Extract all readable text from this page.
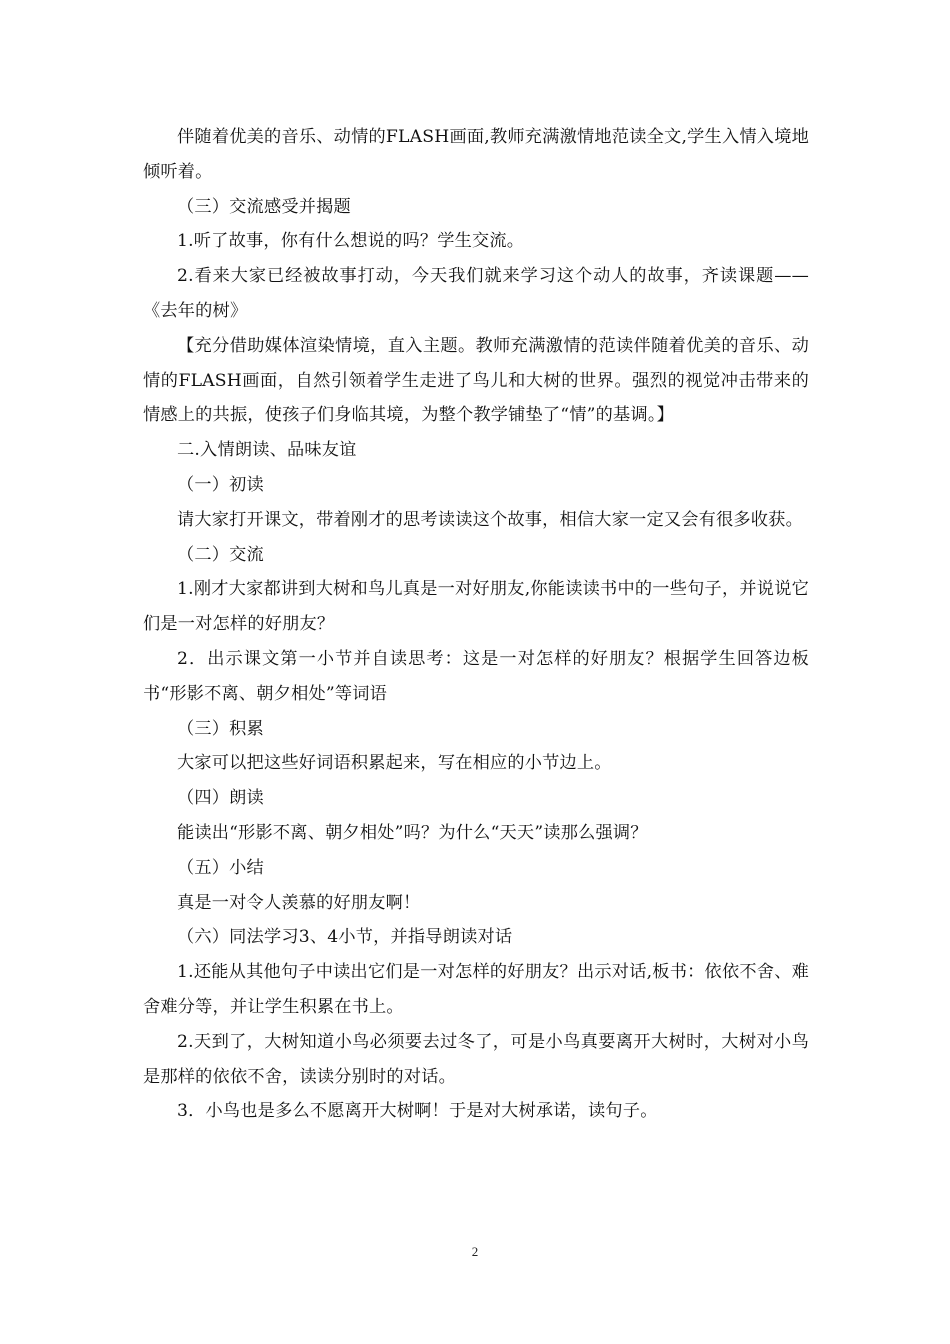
伴随着优美的音乐、动情的FLASH画面,教师充满激情地范读全文,学生入情入境地倾听着。

（三）交流感受并揭题

1.听了故事，你有什么想说的吗？学生交流。

2.看来大家已经被故事打动，今天我们就来学习这个动人的故事，齐读课题——《去年的树》

【充分借助媒体渲染情境，直入主题。教师充满激情的范读伴随着优美的音乐、动情的FLASH画面，自然引领着学生走进了鸟儿和大树的世界。强烈的视觉冲击带来的情感上的共振，使孩子们身临其境，为整个教学铺垫了“情”的基调。】

二.入情朗读、品味友谊

（一）初读

请大家打开课文，带着刚才的思考读读这个故事，相信大家一定又会有很多收获。

（二）交流

1.刚才大家都讲到大树和鸟儿真是一对好朋友,你能读读书中的一些句子，并说说它们是一对怎样的好朋友？

2．出示课文第一小节并自读思考：这是一对怎样的好朋友？根据学生回答边板书“形影不离、朝夕相处”等词语

（三）积累

大家可以把这些好词语积累起来，写在相应的小节边上。

（四）朗读

能读出“形影不离、朝夕相处”吗？为什么“天天”读那么强调？

（五）小结

真是一对令人羡慕的好朋友啊！

（六）同法学习3、4小节，并指导朗读对话

1.还能从其他句子中读出它们是一对怎样的好朋友？出示对话,板书：依依不舍、难舍难分等，并让学生积累在书上。

2.天到了，大树知道小鸟必须要去过冬了，可是小鸟真要离开大树时，大树对小鸟是那样的依依不舍，读读分别时的对话。

3．小鸟也是多么不愿离开大树啊！于是对大树承诺，读句子。

2
